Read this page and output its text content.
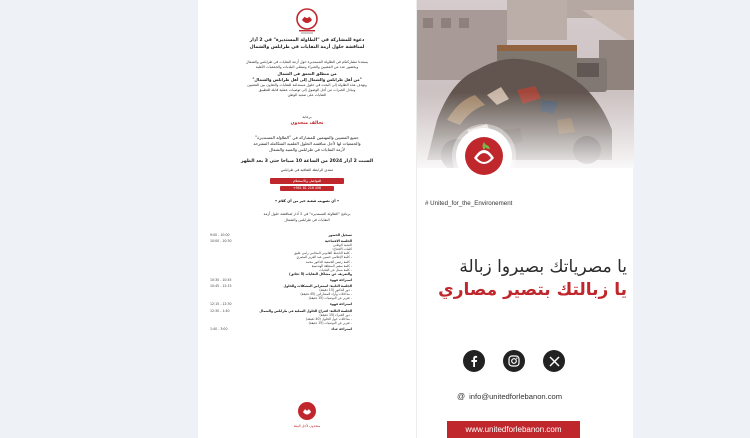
دعوة للمشاركة في "الطاولة المستديرة" في 2 آذار
لمناقشة حلول أزمة النفايات في طرابلس والشمال
يسعدنا مشاركتكم في الطاولة المستديرة حول أزمة النفايات في طرابلس والشمال
وبحضور عدد من المعنيين والخبراء وممثلي البلديات والجمعيات الأهلية
من منطلق التعمق في الشمال
وتهدف هذه الطاولة إلى البحث في حلول مستدامة للنفايات والتعاون بين المعنيين
"من أهل طرابلس والشمال إلى أهل طرابلس والشمال"
وتبادل الخبرات من أجل الوصول إلى توصيات عملية قابلة للتطبيق
النفايات على صعيد الوطن
برعاية
تحالف متحدون
جميع المعنيين والمهتمين للمشاركة في "الطاولة المستديرة"
والجمعيات لها لأجل مناقشة الحلول العلمية المتكاملة المقترحة
لأزمة النفايات في طرابلس والمنية والشمال
السبت 2 آذار 2024 من الساعة 10 صباحا حتى 3 بعد الظهر
منتدى الرابطة الثقافية في طرابلس
للتواصل والاستعلام
+961 81 216 456
• أي تصويب شعبة خير من أي كلام •
برنامج "الطاولة المستديرة" في 2 آذار لمناقشة حلول أزمة
النفايات في طرابلس والشمال
تسجيل الحضور
9:00 - 10:00
الجلسة الافتتاحية
10:00 - 10:30
النشيد الوطني
كلمات الافتتاح:
- كلمة الناشط القانوني المحامي رامي عليق
- كلمة الإعلامي حسين عبد العزيز المصري
- كلمة رئيس الجمعية الدكتور محمد
- كلمة سفير المنطقة الهندسية
- كلمة ممثل عن البلديات
والتعريف عن مشاكل النفايات (5 دقائق)
استراحة قهوة
10:30 - 10:45
الجلسة الثانية: استعراض المشكلات والحلول
10:45 - 12:15
- دور الدكتور (15 دقيقة)
- مداخلات وآراء المشاركين (45 دقيقة)
- تقرير عن التوصيات (15 دقيقة)
استراحة قهوة
12:15 - 12:30
الجلسة الثالثة: اقتراح الحلول العملية في طرابلس والشمال
12:30 - 1:40
- دور الخبراء (15 دقيقة)
- مداخلات حول الحلول (40 دقيقة)
- تقرير عن التوصيات (15 دقيقة)
استراحة غداء
1:40 - 3:00
متحدون لأجل البيئة
# United_for_the_Environement
يا مصرياتك بصيروا زبالة
يا زبالتك بتصير مصاري
@ info@unitedforlebanon.com
www.unitedforlebanon.com
